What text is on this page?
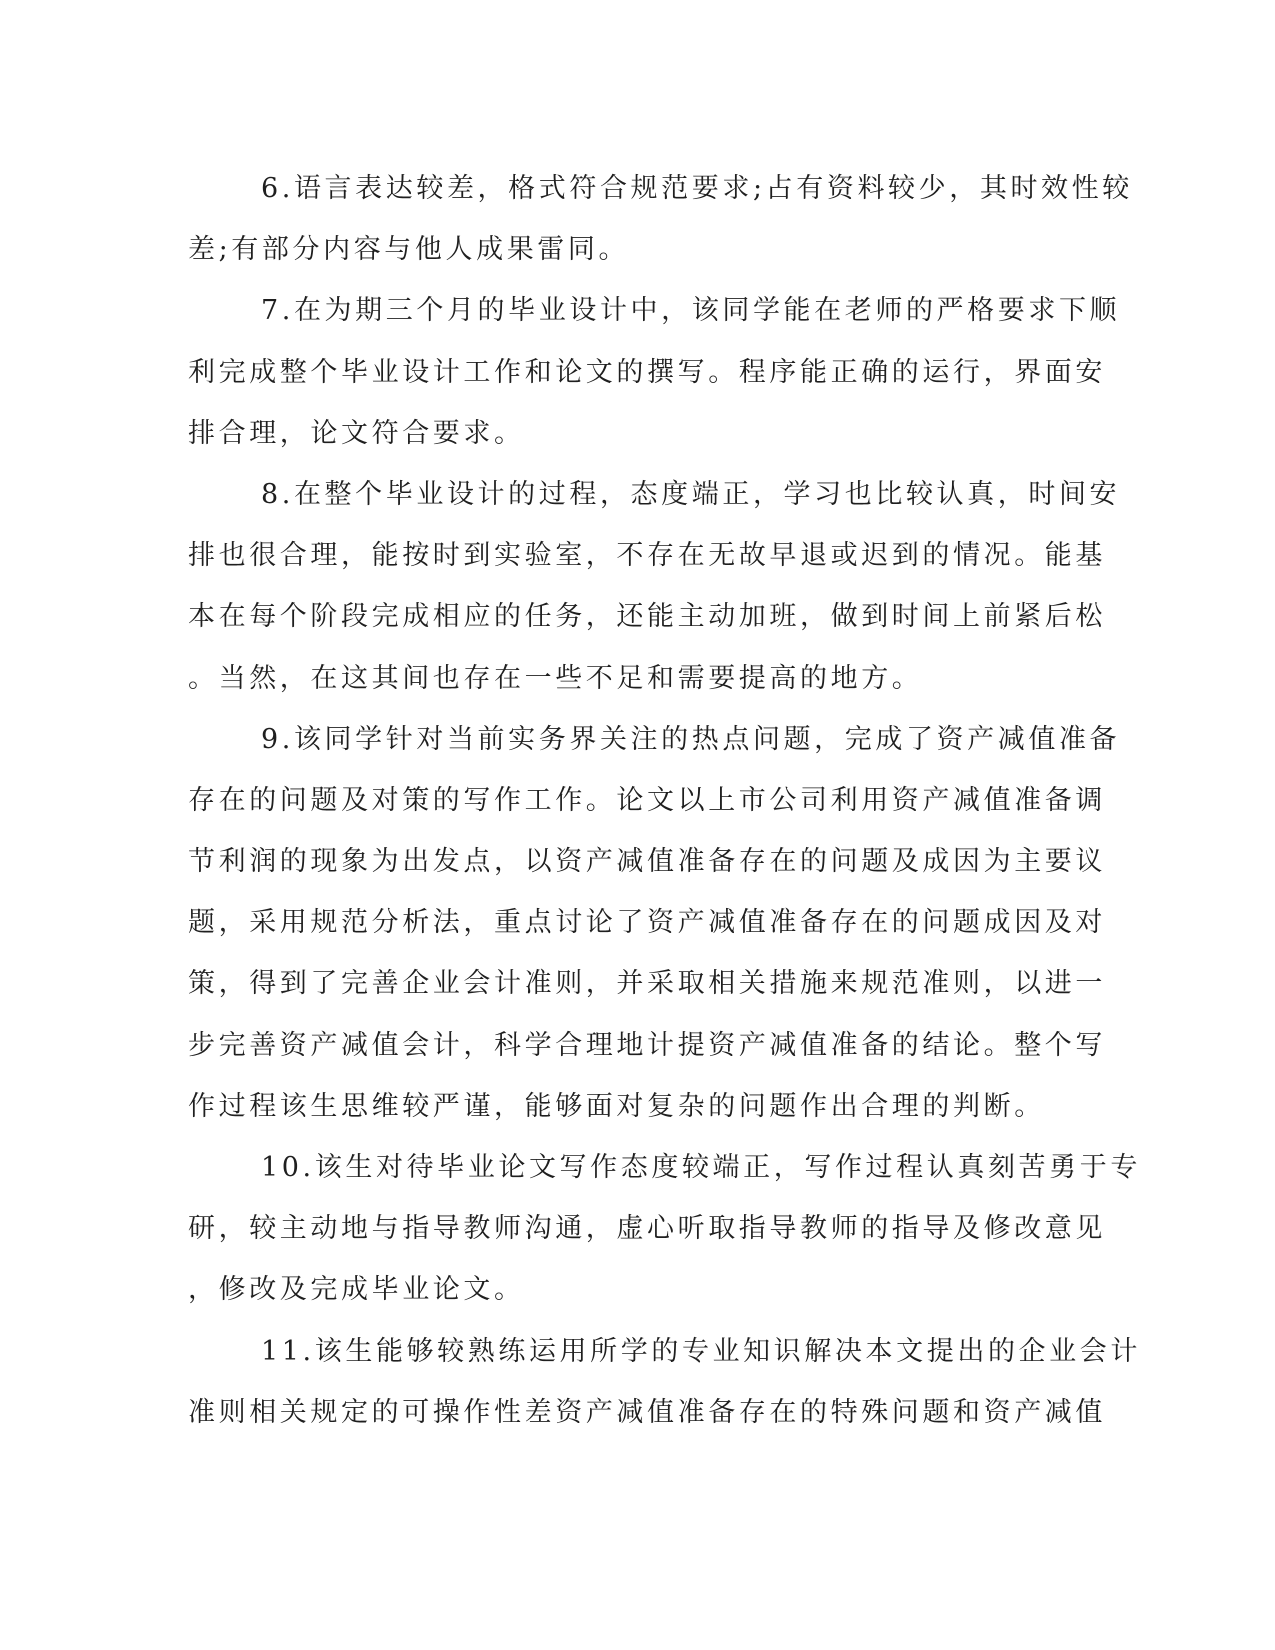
6.语言表达较差，格式符合规范要求;占有资料较少，其时效性较

差;有部分内容与他人成果雷同。

7.在为期三个月的毕业设计中，该同学能在老师的严格要求下顺

利完成整个毕业设计工作和论文的撰写。程序能正确的运行，界面安

排合理，论文符合要求。

8.在整个毕业设计的过程，态度端正，学习也比较认真，时间安

排也很合理，能按时到实验室，不存在无故早退或迟到的情况。能基

本在每个阶段完成相应的任务，还能主动加班，做到时间上前紧后松

。当然，在这其间也存在一些不足和需要提高的地方。

9.该同学针对当前实务界关注的热点问题，完成了资产减值准备

存在的问题及对策的写作工作。论文以上市公司利用资产减值准备调

节利润的现象为出发点，以资产减值准备存在的问题及成因为主要议

题，采用规范分析法，重点讨论了资产减值准备存在的问题成因及对

策，得到了完善企业会计准则，并采取相关措施来规范准则，以进一

步完善资产减值会计，科学合理地计提资产减值准备的结论。整个写

作过程该生思维较严谨，能够面对复杂的问题作出合理的判断。

10.该生对待毕业论文写作态度较端正，写作过程认真刻苦勇于专

研，较主动地与指导教师沟通，虚心听取指导教师的指导及修改意见

，修改及完成毕业论文。

11.该生能够较熟练运用所学的专业知识解决本文提出的企业会计

准则相关规定的可操作性差资产减值准备存在的特殊问题和资产减值
